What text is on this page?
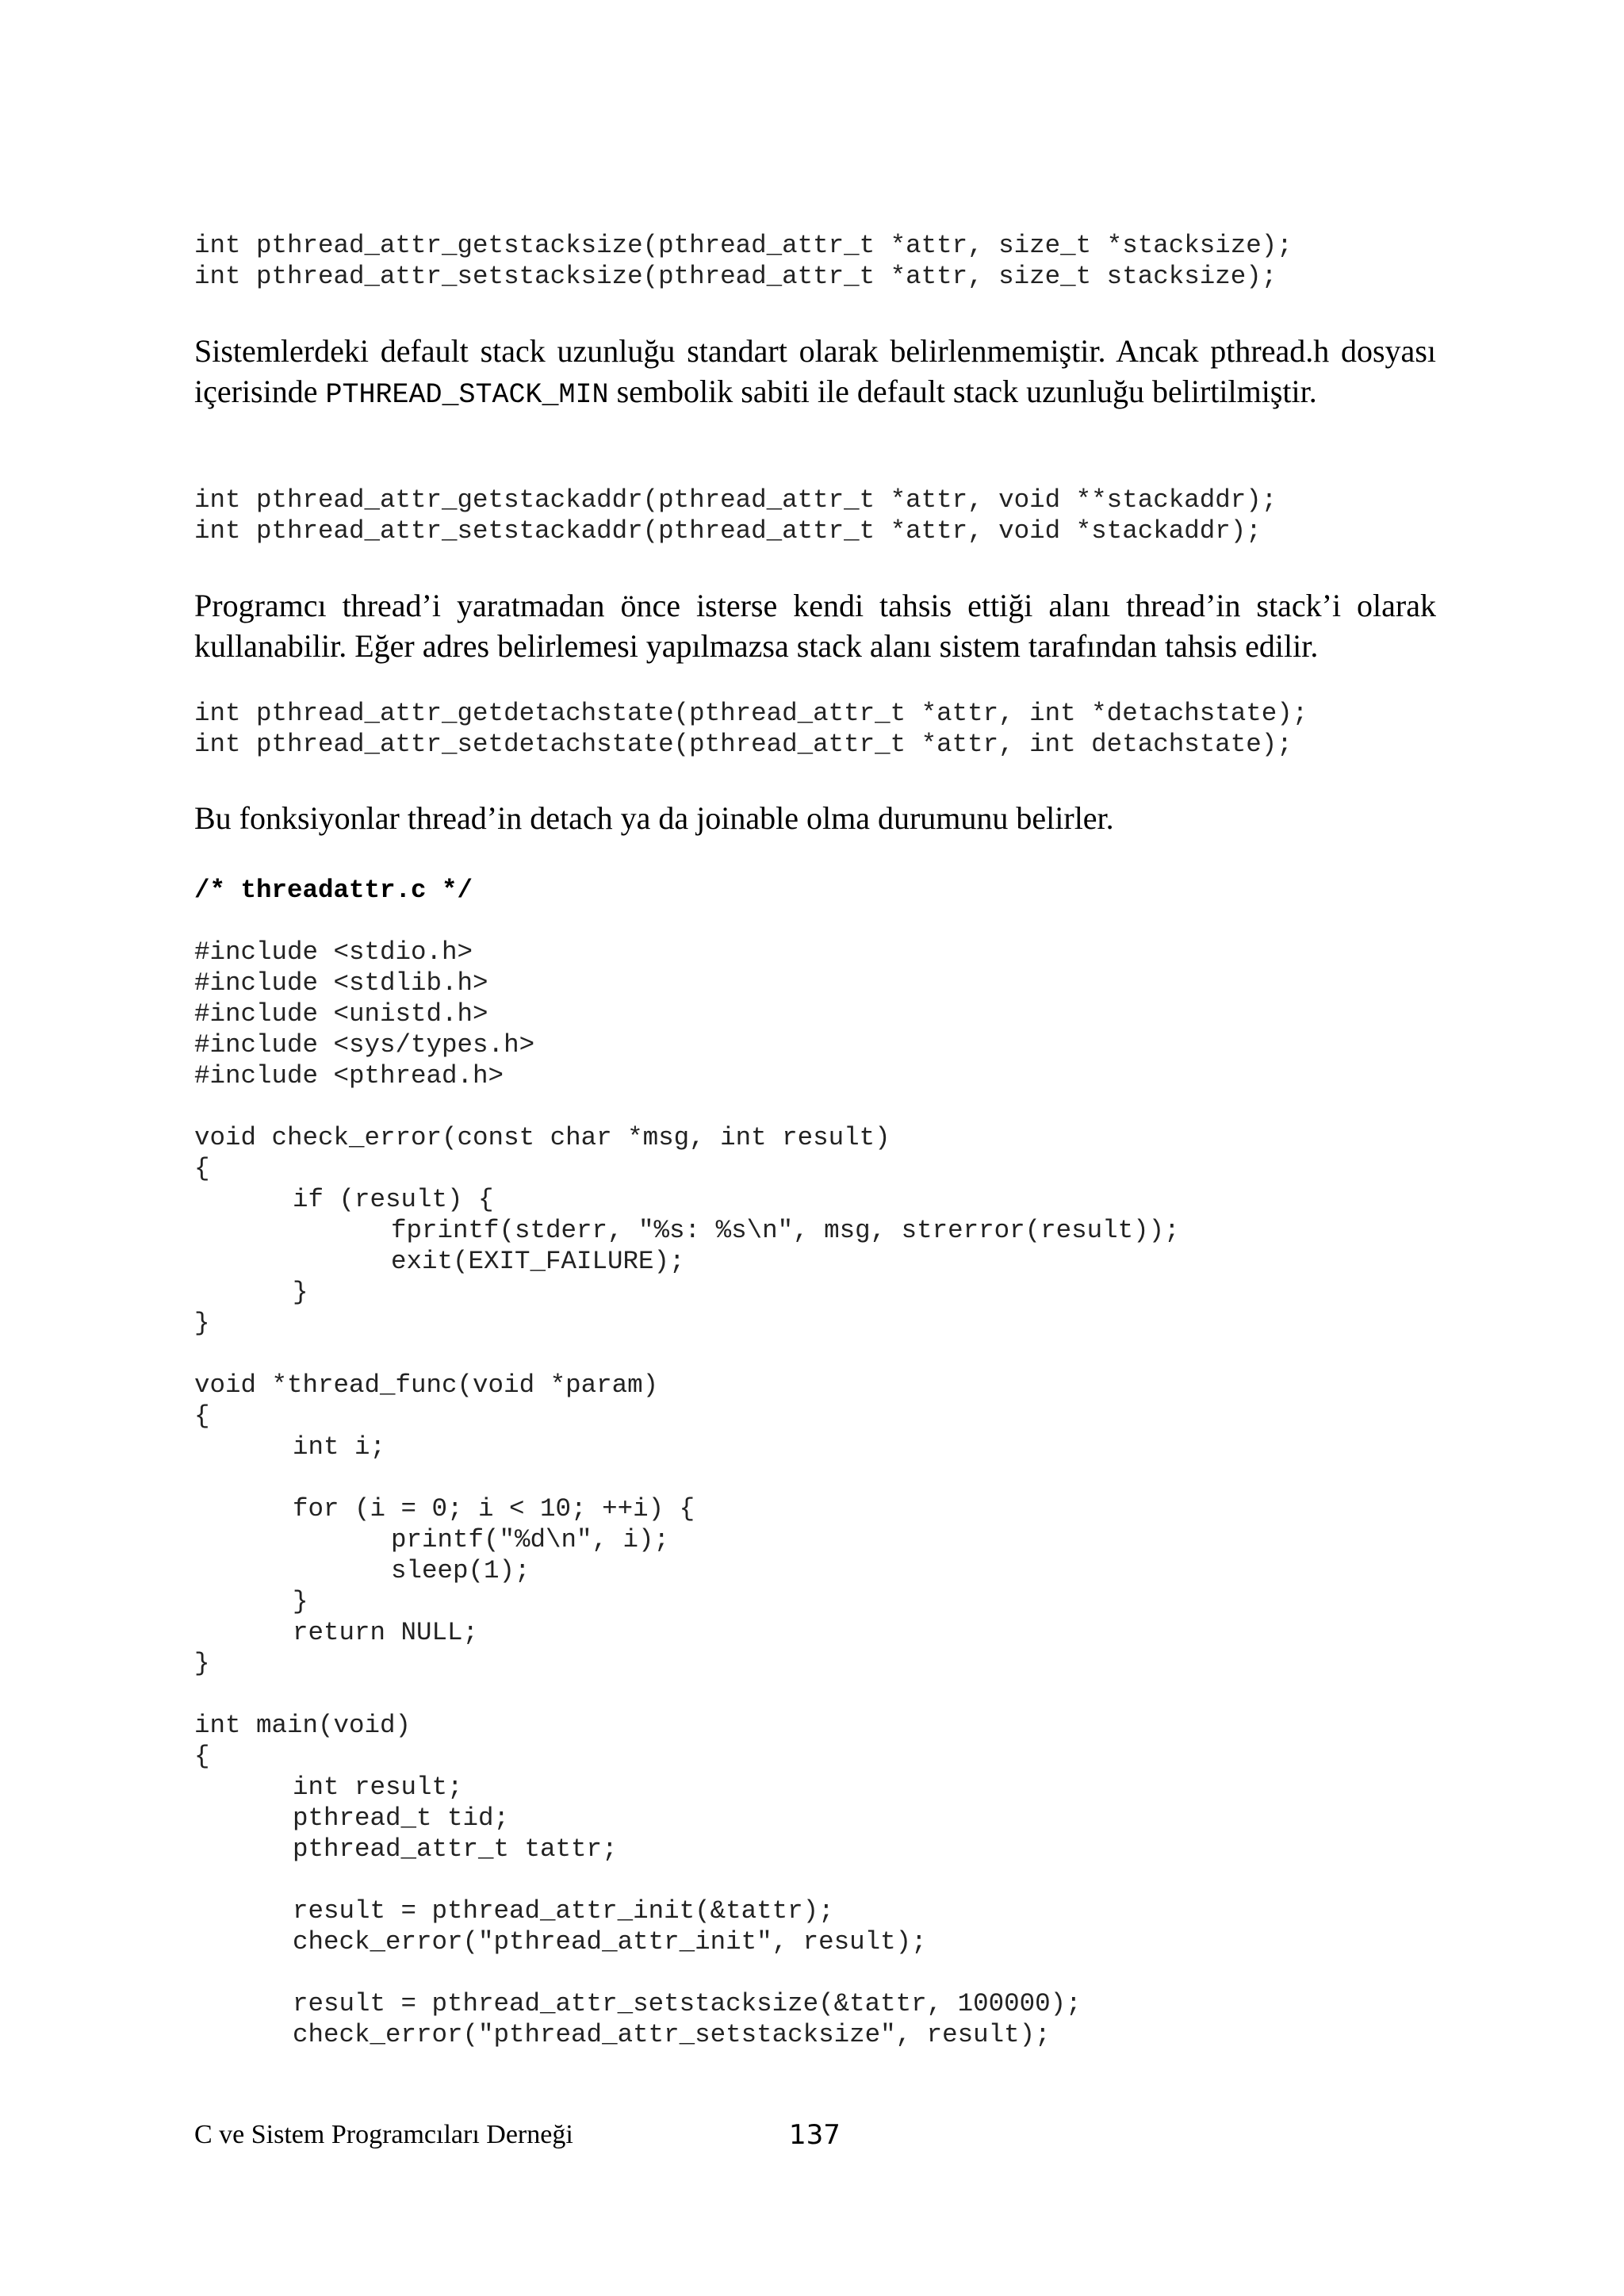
int pthread_attr_getstacksize(pthread_attr_t *attr, size_t *stacksize);
int pthread_attr_setstacksize(pthread_attr_t *attr, size_t stacksize);

Sistemlerdeki default stack uzunluğu standart olarak belirlenmemiştir. Ancak pthread.h dosyası içerisinde PTHREAD_STACK_MIN sembolik sabiti ile default stack uzunluğu belirtilmiştir.

int pthread_attr_getstackaddr(pthread_attr_t *attr, void **stackaddr);
int pthread_attr_setstackaddr(pthread_attr_t *attr, void *stackaddr);

Programcı thread’i yaratmadan önce isterse kendi tahsis ettiği alanı thread’in stack’i olarak kullanabilir. Eğer adres belirlemesi yapılmazsa stack alanı sistem tarafından tahsis edilir.

int pthread_attr_getdetachstate(pthread_attr_t *attr, int *detachstate);
int pthread_attr_setdetachstate(pthread_attr_t *attr, int detachstate);

Bu fonksiyonlar thread’in detach ya da joinable olma durumunu belirler.

/* threadattr.c */
#include <stdio.h>
#include <stdlib.h>
#include <unistd.h>
#include <sys/types.h>
#include <pthread.h>
void check_error(const char *msg, int result)
{
if (result) {
fprintf(stderr, "%s: %s\n", msg, strerror(result));
exit(EXIT_FAILURE);
}
}
void *thread_func(void *param)
{
int i;
for (i = 0; i < 10; ++i) {
printf("%d\n", i);
sleep(1);
}
return NULL;
}
int main(void)
{
int result;
pthread_t tid;
pthread_attr_t tattr;
result = pthread_attr_init(&tattr);
check_error("pthread_attr_init", result);
result = pthread_attr_setstacksize(&tattr, 100000);
check_error("pthread_attr_setstacksize", result);
C ve Sistem Programcıları Derneği	137
